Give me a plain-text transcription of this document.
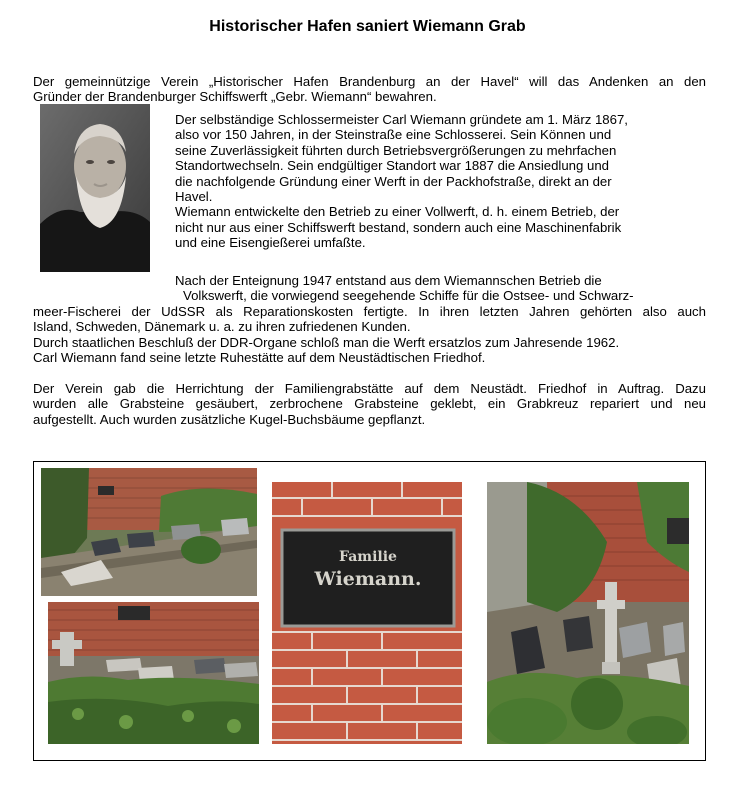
Historischer Hafen saniert Wiemann Grab
Der gemeinnützige Verein „Historischer Hafen Brandenburg an der Havel“ will das Andenken an den
Gründer der Brandenburger Schiffswerft „Gebr. Wiemann“ bewahren.
Der selbständige Schlossermeister Carl Wiemann gründete am 1. März 1867,
also vor 150 Jahren, in der Steinstraße eine Schlosserei. Sein Können und
seine Zuverlässigkeit führten durch Betriebsvergrößerungen zu mehrfachen
Standortwechseln. Sein endgültiger Standort war 1887 die Ansiedlung und
die nachfolgende Gründung einer Werft in der Packhofstraße, direkt an der
Havel.
Wiemann entwickelte den Betrieb zu einer Vollwerft, d. h. einem Betrieb, der
nicht nur aus einer Schiffswerft bestand, sondern auch eine Maschinenfabrik
und eine Eisengießerei umfaßte.
Nach der Enteignung 1947 entstand aus dem Wiemannschen Betrieb die
Volkswerft, die vorwiegend seegehende Schiffe für die Ostsee- und Schwarz-
meer-Fischerei der UdSSR als Reparationskosten fertigte. In ihren letzten Jahren gehörten also auch
Island, Schweden, Dänemark u. a. zu ihren zufriedenen Kunden.
Durch staatlichen Beschluß der DDR-Organe schloß man die Werft ersatzlos zum Jahresende 1962.
Carl Wiemann fand seine letzte Ruhestätte auf dem Neustädtischen Friedhof.
Der Verein gab die Herrichtung der Familiengrabstätte auf dem Neustädt. Friedhof in Auftrag. Dazu
wurden alle Grabsteine gesäubert, zerbrochene Grabsteine geklebt, ein Grabkreuz repariert und neu
aufgestellt. Auch wurden zusätzliche Kugel-Buchsbäume gepflanzt.
Familie
Wiemann.
